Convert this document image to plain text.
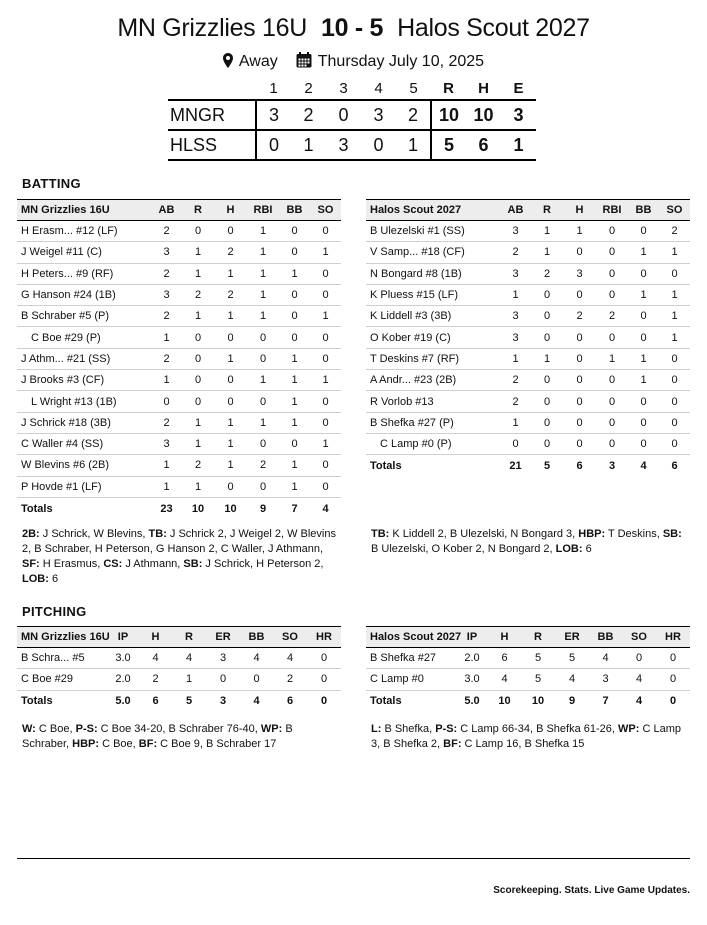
MN Grizzlies 16U 10 - 5 Halos Scout 2027
Away	Thursday July 10, 2025
	1	2	3	4	5	R	H	E
MNGR	3	2	0	3	2	10	10	3
HLSS	0	1	3	0	1	5	6	1
BATTING
MN Grizzlies 16U	AB	R	H	RBI	BB	SO
H Erasm... #12 (LF)	2	0	0	1	0	0
J Weigel #11 (C)	3	1	2	1	0	1
H Peters... #9 (RF)	2	1	1	1	1	0
G Hanson #24 (1B)	3	2	2	1	0	0
B Schraber #5 (P)	2	1	1	1	0	1
C Boe #29 (P)	1	0	0	0	0	0
J Athm... #21 (SS)	2	0	1	0	1	0
J Brooks #3 (CF)	1	0	0	1	1	1
L Wright #13 (1B)	0	0	0	0	1	0
J Schrick #18 (3B)	2	1	1	1	1	0
C Waller #4 (SS)	3	1	1	0	0	1
W Blevins #6 (2B)	1	2	1	2	1	0
P Hovde #1 (LF)	1	1	0	0	1	0
Totals	23	10	10	9	7	4
Halos Scout 2027	AB	R	H	RBI	BB	SO
B Ulezelski #1 (SS)	3	1	1	0	0	2
V Samp... #18 (CF)	2	1	0	0	1	1
N Bongard #8 (1B)	3	2	3	0	0	0
K Pluess #15 (LF)	1	0	0	0	1	1
K Liddell #3 (3B)	3	0	2	2	0	1
O Kober #19 (C)	3	0	0	0	0	1
T Deskins #7 (RF)	1	1	0	1	1	0
A Andr... #23 (2B)	2	0	0	0	1	0
R Vorlob #13	2	0	0	0	0	0
B Shefka #27 (P)	1	0	0	0	0	0
C Lamp #0 (P)	0	0	0	0	0	0
Totals	21	5	6	3	4	6
2B: J Schrick, W Blevins, TB: J Schrick 2, J Weigel 2, W Blevins 2, B Schraber, H Peterson, G Hanson 2, C Waller, J Athmann, SF: H Erasmus, CS: J Athmann, SB: J Schrick, H Peterson 2, LOB: 6
TB: K Liddell 2, B Ulezelski, N Bongard 3, HBP: T Deskins, SB: B Ulezelski, O Kober 2, N Bongard 2, LOB: 6
PITCHING
MN Grizzlies 16U	IP	H	R	ER	BB	SO	HR
B Schra... #5	3.0	4	4	3	4	4	0
C Boe #29	2.0	2	1	0	0	2	0
Totals	5.0	6	5	3	4	6	0
Halos Scout 2027	IP	H	R	ER	BB	SO	HR
B Shefka #27	2.0	6	5	5	4	0	0
C Lamp #0	3.0	4	5	4	3	4	0
Totals	5.0	10	10	9	7	4	0
W: C Boe, P-S: C Boe 34-20, B Schraber 76-40, WP: B Schraber, HBP: C Boe, BF: C Boe 9, B Schraber 17
L: B Shefka, P-S: C Lamp 66-34, B Shefka 61-26, WP: C Lamp 3, B Shefka 2, BF: C Lamp 16, B Shefka 15
Scorekeeping. Stats. Live Game Updates.
